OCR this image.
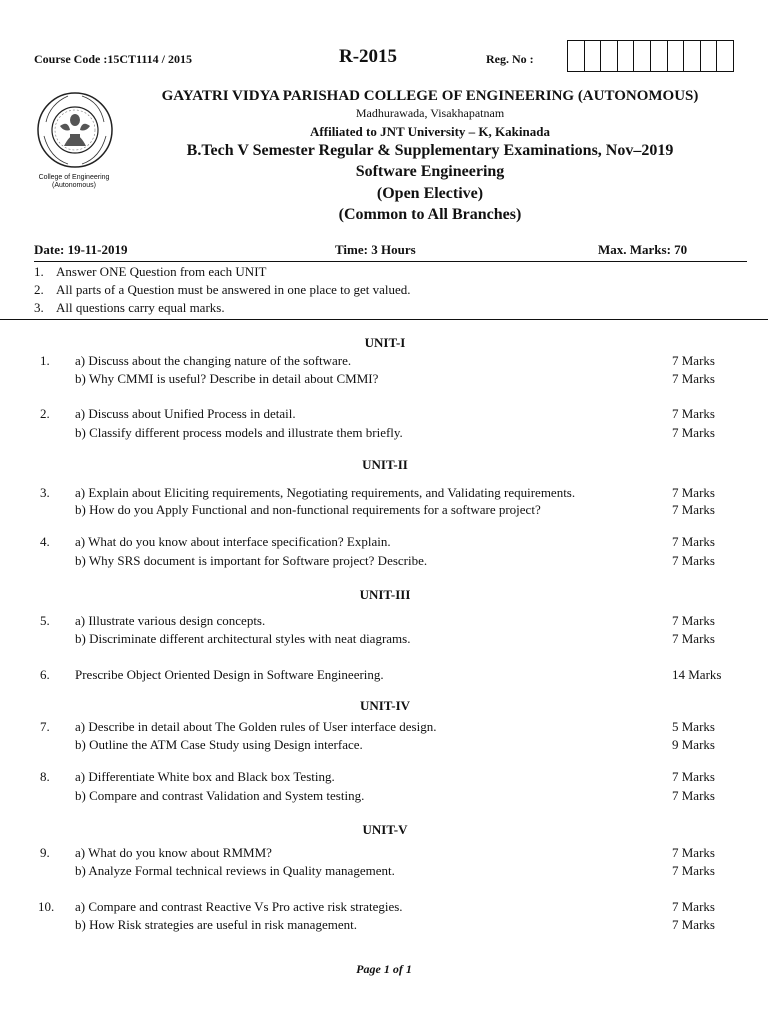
Course Code :15CT1114 / 2015	R-2015	Reg. No :
College of Engineering
(Autonomous)
GAYATRI VIDYA PARISHAD COLLEGE OF ENGINEERING (AUTONOMOUS)
Madhurawada, Visakhapatnam
Affiliated to JNT University – K, Kakinada
B.Tech V Semester Regular & Supplementary Examinations, Nov–2019
Software Engineering
(Open Elective)
(Common to All Branches)
Date: 19-11-2019	Time: 3 Hours	Max. Marks: 70
1. Answer ONE Question from each UNIT
2. All parts of a Question must be answered in one place to get valued.
3. All questions carry equal marks.
UNIT-I
1. a) Discuss about the changing nature of the software.	7 Marks
b) Why CMMI is useful? Describe in detail about CMMI?	7 Marks
2. a) Discuss about Unified Process in detail.	7 Marks
b) Classify different process models and illustrate them briefly.	7 Marks
UNIT-II
3. a) Explain about Eliciting requirements, Negotiating requirements, and Validating requirements.	7 Marks
b) How do you Apply Functional and non-functional requirements for a software project?	7 Marks
4. a) What do you know about interface specification? Explain.	7 Marks
b) Why SRS document is important for Software project? Describe.	7 Marks
UNIT-III
5. a) Illustrate various design concepts.	7 Marks
b) Discriminate different architectural styles with neat diagrams.	7 Marks
6. Prescribe Object Oriented Design in Software Engineering.	14 Marks
UNIT-IV
7. a) Describe in detail about The Golden rules of User interface design.	5 Marks
b) Outline the ATM Case Study using Design interface.	9 Marks
8. a) Differentiate White box and Black box Testing.	7 Marks
b) Compare and contrast Validation and System testing.	7 Marks
UNIT-V
9. a) What do you know about RMMM?	7 Marks
b) Analyze Formal technical reviews in Quality management.	7 Marks
10. a) Compare and contrast Reactive Vs Pro active risk strategies.	7 Marks
b) How Risk strategies are useful in risk management.	7 Marks
Page 1 of 1
